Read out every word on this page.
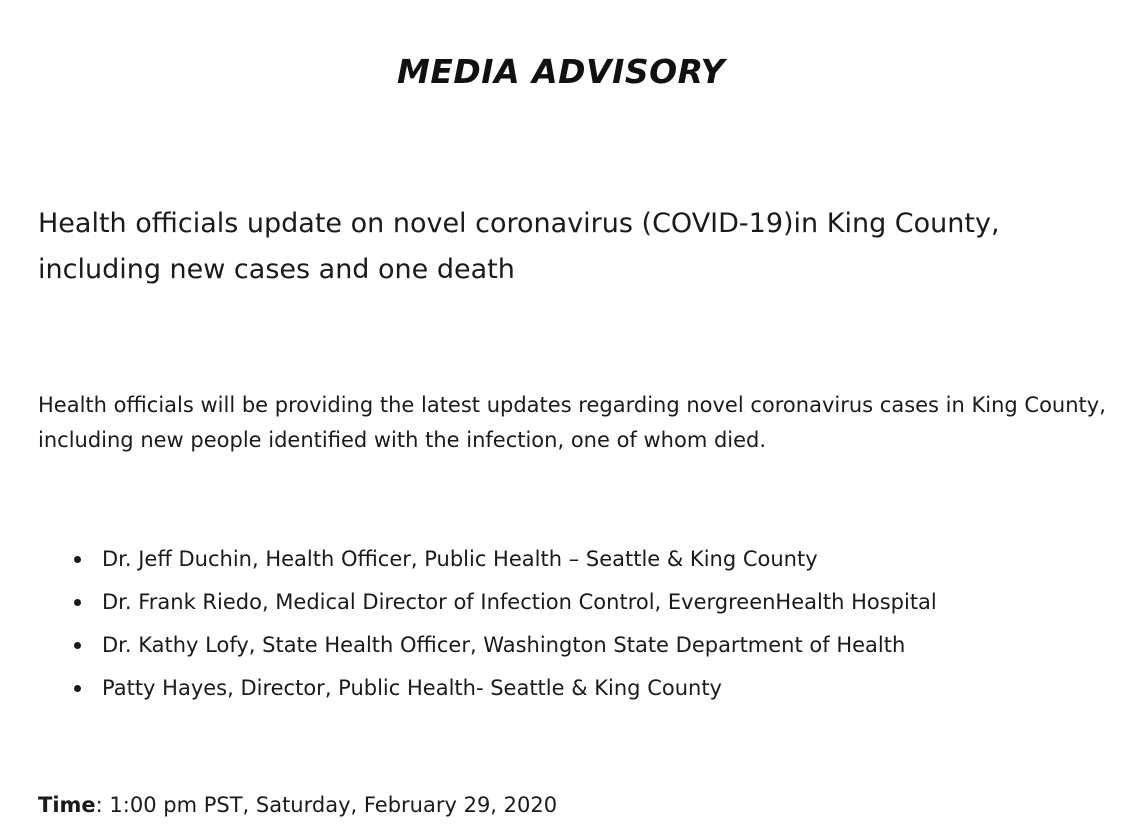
MEDIA ADVISORY
Health officials update on novel coronavirus (COVID-19)in King County, including new cases and one death
Health officials will be providing the latest updates regarding novel coronavirus cases in King County, including new people identified with the infection, one of whom died.
Dr. Jeff Duchin, Health Officer, Public Health – Seattle & King County
Dr. Frank Riedo, Medical Director of Infection Control, EvergreenHealth Hospital
Dr. Kathy Lofy, State Health Officer, Washington State Department of Health
Patty Hayes, Director, Public Health- Seattle & King County
Time: 1:00 pm PST, Saturday, February 29, 2020
